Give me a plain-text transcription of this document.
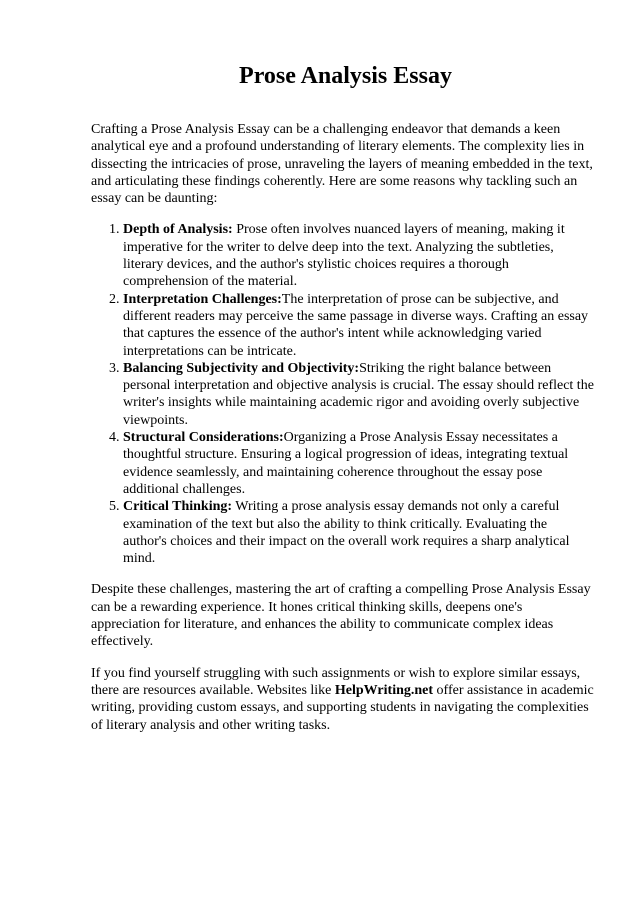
Prose Analysis Essay

Crafting a Prose Analysis Essay can be a challenging endeavor that demands a keen analytical eye and a profound understanding of literary elements. The complexity lies in dissecting the intricacies of prose, unraveling the layers of meaning embedded in the text, and articulating these findings coherently. Here are some reasons why tackling such an essay can be daunting:

1. Depth of Analysis: Prose often involves nuanced layers of meaning, making it imperative for the writer to delve deep into the text. Analyzing the subtleties, literary devices, and the author's stylistic choices requires a thorough comprehension of the material.
2. Interpretation Challenges:The interpretation of prose can be subjective, and different readers may perceive the same passage in diverse ways. Crafting an essay that captures the essence of the author's intent while acknowledging varied interpretations can be intricate.
3. Balancing Subjectivity and Objectivity:Striking the right balance between personal interpretation and objective analysis is crucial. The essay should reflect the writer's insights while maintaining academic rigor and avoiding overly subjective viewpoints.
4. Structural Considerations:Organizing a Prose Analysis Essay necessitates a thoughtful structure. Ensuring a logical progression of ideas, integrating textual evidence seamlessly, and maintaining coherence throughout the essay pose additional challenges.
5. Critical Thinking: Writing a prose analysis essay demands not only a careful examination of the text but also the ability to think critically. Evaluating the author's choices and their impact on the overall work requires a sharp analytical mind.

Despite these challenges, mastering the art of crafting a compelling Prose Analysis Essay can be a rewarding experience. It hones critical thinking skills, deepens one's appreciation for literature, and enhances the ability to communicate complex ideas effectively.

If you find yourself struggling with such assignments or wish to explore similar essays, there are resources available. Websites like HelpWriting.net offer assistance in academic writing, providing custom essays, and supporting students in navigating the complexities of literary analysis and other writing tasks.
